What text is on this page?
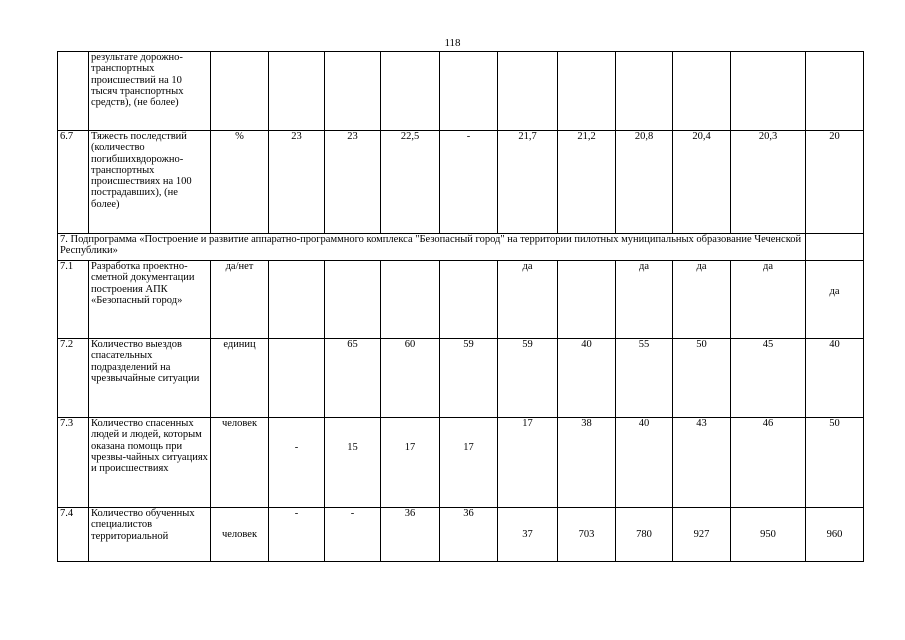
118
	результате дорожно-транспортных происшествий на 10 тысяч транспортных средств), (не более)											
6.7	Тяжесть последствий (количество погибшихвдорожно-транспортных происшествиях на 100 пострадавших), (не более)	%	23	23	22,5	-	21,7	21,2	20,8	20,4	20,3	20
7. Подпрограмма «Построение и развитие аппаратно-программного комплекса "Безопасный город" на территории пилотных муниципальных образование Чеченской Республики»												
7.1	Разработка проектно-сметной документации построения АПК «Безопасный город»	да/нет					да		да	да	да	да
7.2	Количество выездов спасательных подразделений на чрезвычайные ситуации	единиц		65	60	59	59	40	55	50	45	40
7.3	Количество спасенных людей и людей, которым оказана помощь при чрезвы-чайных ситуациях и происшествиях	человек	-	15	17	17	17	38	40	43	46	50
7.4	Количество обученных специалистов территориальной	человек	-	-	36	36	37	703	780	927	950	960
